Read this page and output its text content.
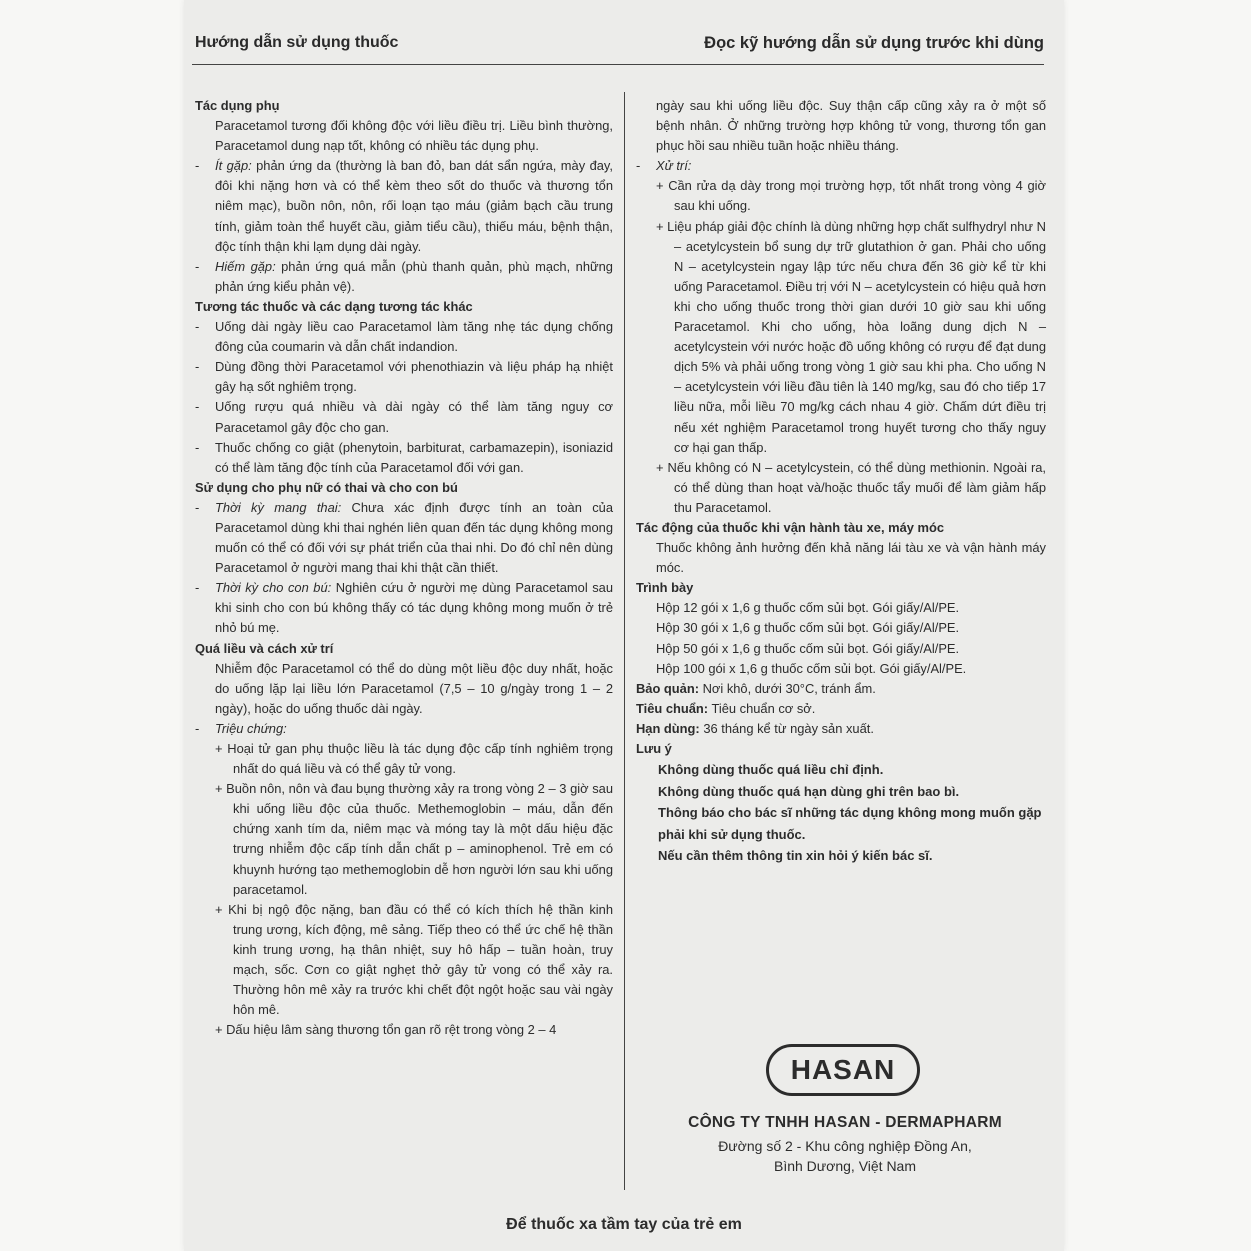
Hướng dẫn sử dụng thuốc	Đọc kỹ hướng dẫn sử dụng trước khi dùng

Tác dụng phụ

Paracetamol tương đối không độc với liều điều trị. Liều bình thường, Paracetamol dung nạp tốt, không có nhiều tác dụng phụ.

- Ít gặp: phản ứng da (thường là ban đỏ, ban dát sẩn ngứa, mày đay, đôi khi nặng hơn và có thể kèm theo sốt do thuốc và thương tổn niêm mạc), buồn nôn, nôn, rối loạn tạo máu (giảm bạch cầu trung tính, giảm toàn thể huyết cầu, giảm tiểu cầu), thiếu máu, bệnh thận, độc tính thận khi lạm dụng dài ngày.

- Hiếm gặp: phản ứng quá mẫn (phù thanh quản, phù mạch, những phản ứng kiểu phản vệ).

Tương tác thuốc và các dạng tương tác khác

- Uống dài ngày liều cao Paracetamol làm tăng nhẹ tác dụng chống đông của coumarin và dẫn chất indandion.

- Dùng đồng thời Paracetamol với phenothiazin và liệu pháp hạ nhiệt gây hạ sốt nghiêm trọng.

- Uống rượu quá nhiều và dài ngày có thể làm tăng nguy cơ Paracetamol gây độc cho gan.

- Thuốc chống co giật (phenytoin, barbiturat, carbamazepin), isoniazid có thể làm tăng độc tính của Paracetamol đối với gan.

Sử dụng cho phụ nữ có thai và cho con bú

- Thời kỳ mang thai: Chưa xác định được tính an toàn của Paracetamol dùng khi thai nghén liên quan đến tác dụng không mong muốn có thể có đối với sự phát triển của thai nhi. Do đó chỉ nên dùng Paracetamol ở người mang thai khi thật cần thiết.

- Thời kỳ cho con bú: Nghiên cứu ở người mẹ dùng Paracetamol sau khi sinh cho con bú không thấy có tác dụng không mong muốn ở trẻ nhỏ bú mẹ.

Quá liều và cách xử trí

Nhiễm độc Paracetamol có thể do dùng một liều độc duy nhất, hoặc do uống lặp lại liều lớn Paracetamol (7,5 – 10 g/ngày trong 1 – 2 ngày), hoặc do uống thuốc dài ngày.

- Triệu chứng:

+ Hoại tử gan phụ thuộc liều là tác dụng độc cấp tính nghiêm trọng nhất do quá liều và có thể gây tử vong.

+ Buồn nôn, nôn và đau bụng thường xảy ra trong vòng 2 – 3 giờ sau khi uống liều độc của thuốc. Methemoglobin – máu, dẫn đến chứng xanh tím da, niêm mạc và móng tay là một dấu hiệu đặc trưng nhiễm độc cấp tính dẫn chất p – aminophenol. Trẻ em có khuynh hướng tạo methemoglobin dễ hơn người lớn sau khi uống paracetamol.

+ Khi bị ngộ độc nặng, ban đầu có thể có kích thích hệ thần kinh trung ương, kích động, mê sảng. Tiếp theo có thể ức chế hệ thần kinh trung ương, hạ thân nhiệt, suy hô hấp – tuần hoàn, truy mạch, sốc. Cơn co giật nghẹt thở gây tử vong có thể xảy ra. Thường hôn mê xảy ra trước khi chết đột ngột hoặc sau vài ngày hôn mê.

+ Dấu hiệu lâm sàng thương tổn gan rõ rệt trong vòng 2 – 4

ngày sau khi uống liều độc. Suy thận cấp cũng xảy ra ở một số bệnh nhân. Ở những trường hợp không tử vong, thương tổn gan phục hồi sau nhiều tuần hoặc nhiều tháng.

- Xử trí:

+ Cần rửa dạ dày trong mọi trường hợp, tốt nhất trong vòng 4 giờ sau khi uống.

+ Liệu pháp giải độc chính là dùng những hợp chất sulfhydryl như N – acetylcystein bổ sung dự trữ glutathion ở gan. Phải cho uống N – acetylcystein ngay lập tức nếu chưa đến 36 giờ kể từ khi uống Paracetamol. Điều trị với N – acetylcystein có hiệu quả hơn khi cho uống thuốc trong thời gian dưới 10 giờ sau khi uống Paracetamol. Khi cho uống, hòa loãng dung dịch N – acetylcystein với nước hoặc đồ uống không có rượu để đạt dung dịch 5% và phải uống trong vòng 1 giờ sau khi pha. Cho uống N – acetylcystein với liều đầu tiên là 140 mg/kg, sau đó cho tiếp 17 liều nữa, mỗi liều 70 mg/kg cách nhau 4 giờ. Chấm dứt điều trị nếu xét nghiệm Paracetamol trong huyết tương cho thấy nguy cơ hại gan thấp.

+ Nếu không có N – acetylcystein, có thể dùng methionin. Ngoài ra, có thể dùng than hoạt và/hoặc thuốc tẩy muối để làm giảm hấp thu Paracetamol.

Tác động của thuốc khi vận hành tàu xe, máy móc

Thuốc không ảnh hưởng đến khả năng lái tàu xe và vận hành máy móc.

Trình bày

Hộp 12 gói x 1,6 g thuốc cốm sủi bọt. Gói giấy/Al/PE.

Hộp 30 gói x 1,6 g thuốc cốm sủi bọt. Gói giấy/Al/PE.

Hộp 50 gói x 1,6 g thuốc cốm sủi bọt. Gói giấy/Al/PE.

Hộp 100 gói x 1,6 g thuốc cốm sủi bọt. Gói giấy/Al/PE.

Bảo quản: Nơi khô, dưới 30°C, tránh ẩm.

Tiêu chuẩn: Tiêu chuẩn cơ sở.

Hạn dùng: 36 tháng kể từ ngày sản xuất.

Lưu ý

Không dùng thuốc quá liều chỉ định.

Không dùng thuốc quá hạn dùng ghi trên bao bì.

Thông báo cho bác sĩ những tác dụng không mong muốn gặp phải khi sử dụng thuốc.

Nếu cần thêm thông tin xin hỏi ý kiến bác sĩ.

HASAN
CÔNG TY TNHH HASAN - DERMAPHARM
Đường số 2 - Khu công nghiệp Đồng An,
Bình Dương, Việt Nam
Để thuốc xa tầm tay của trẻ em
